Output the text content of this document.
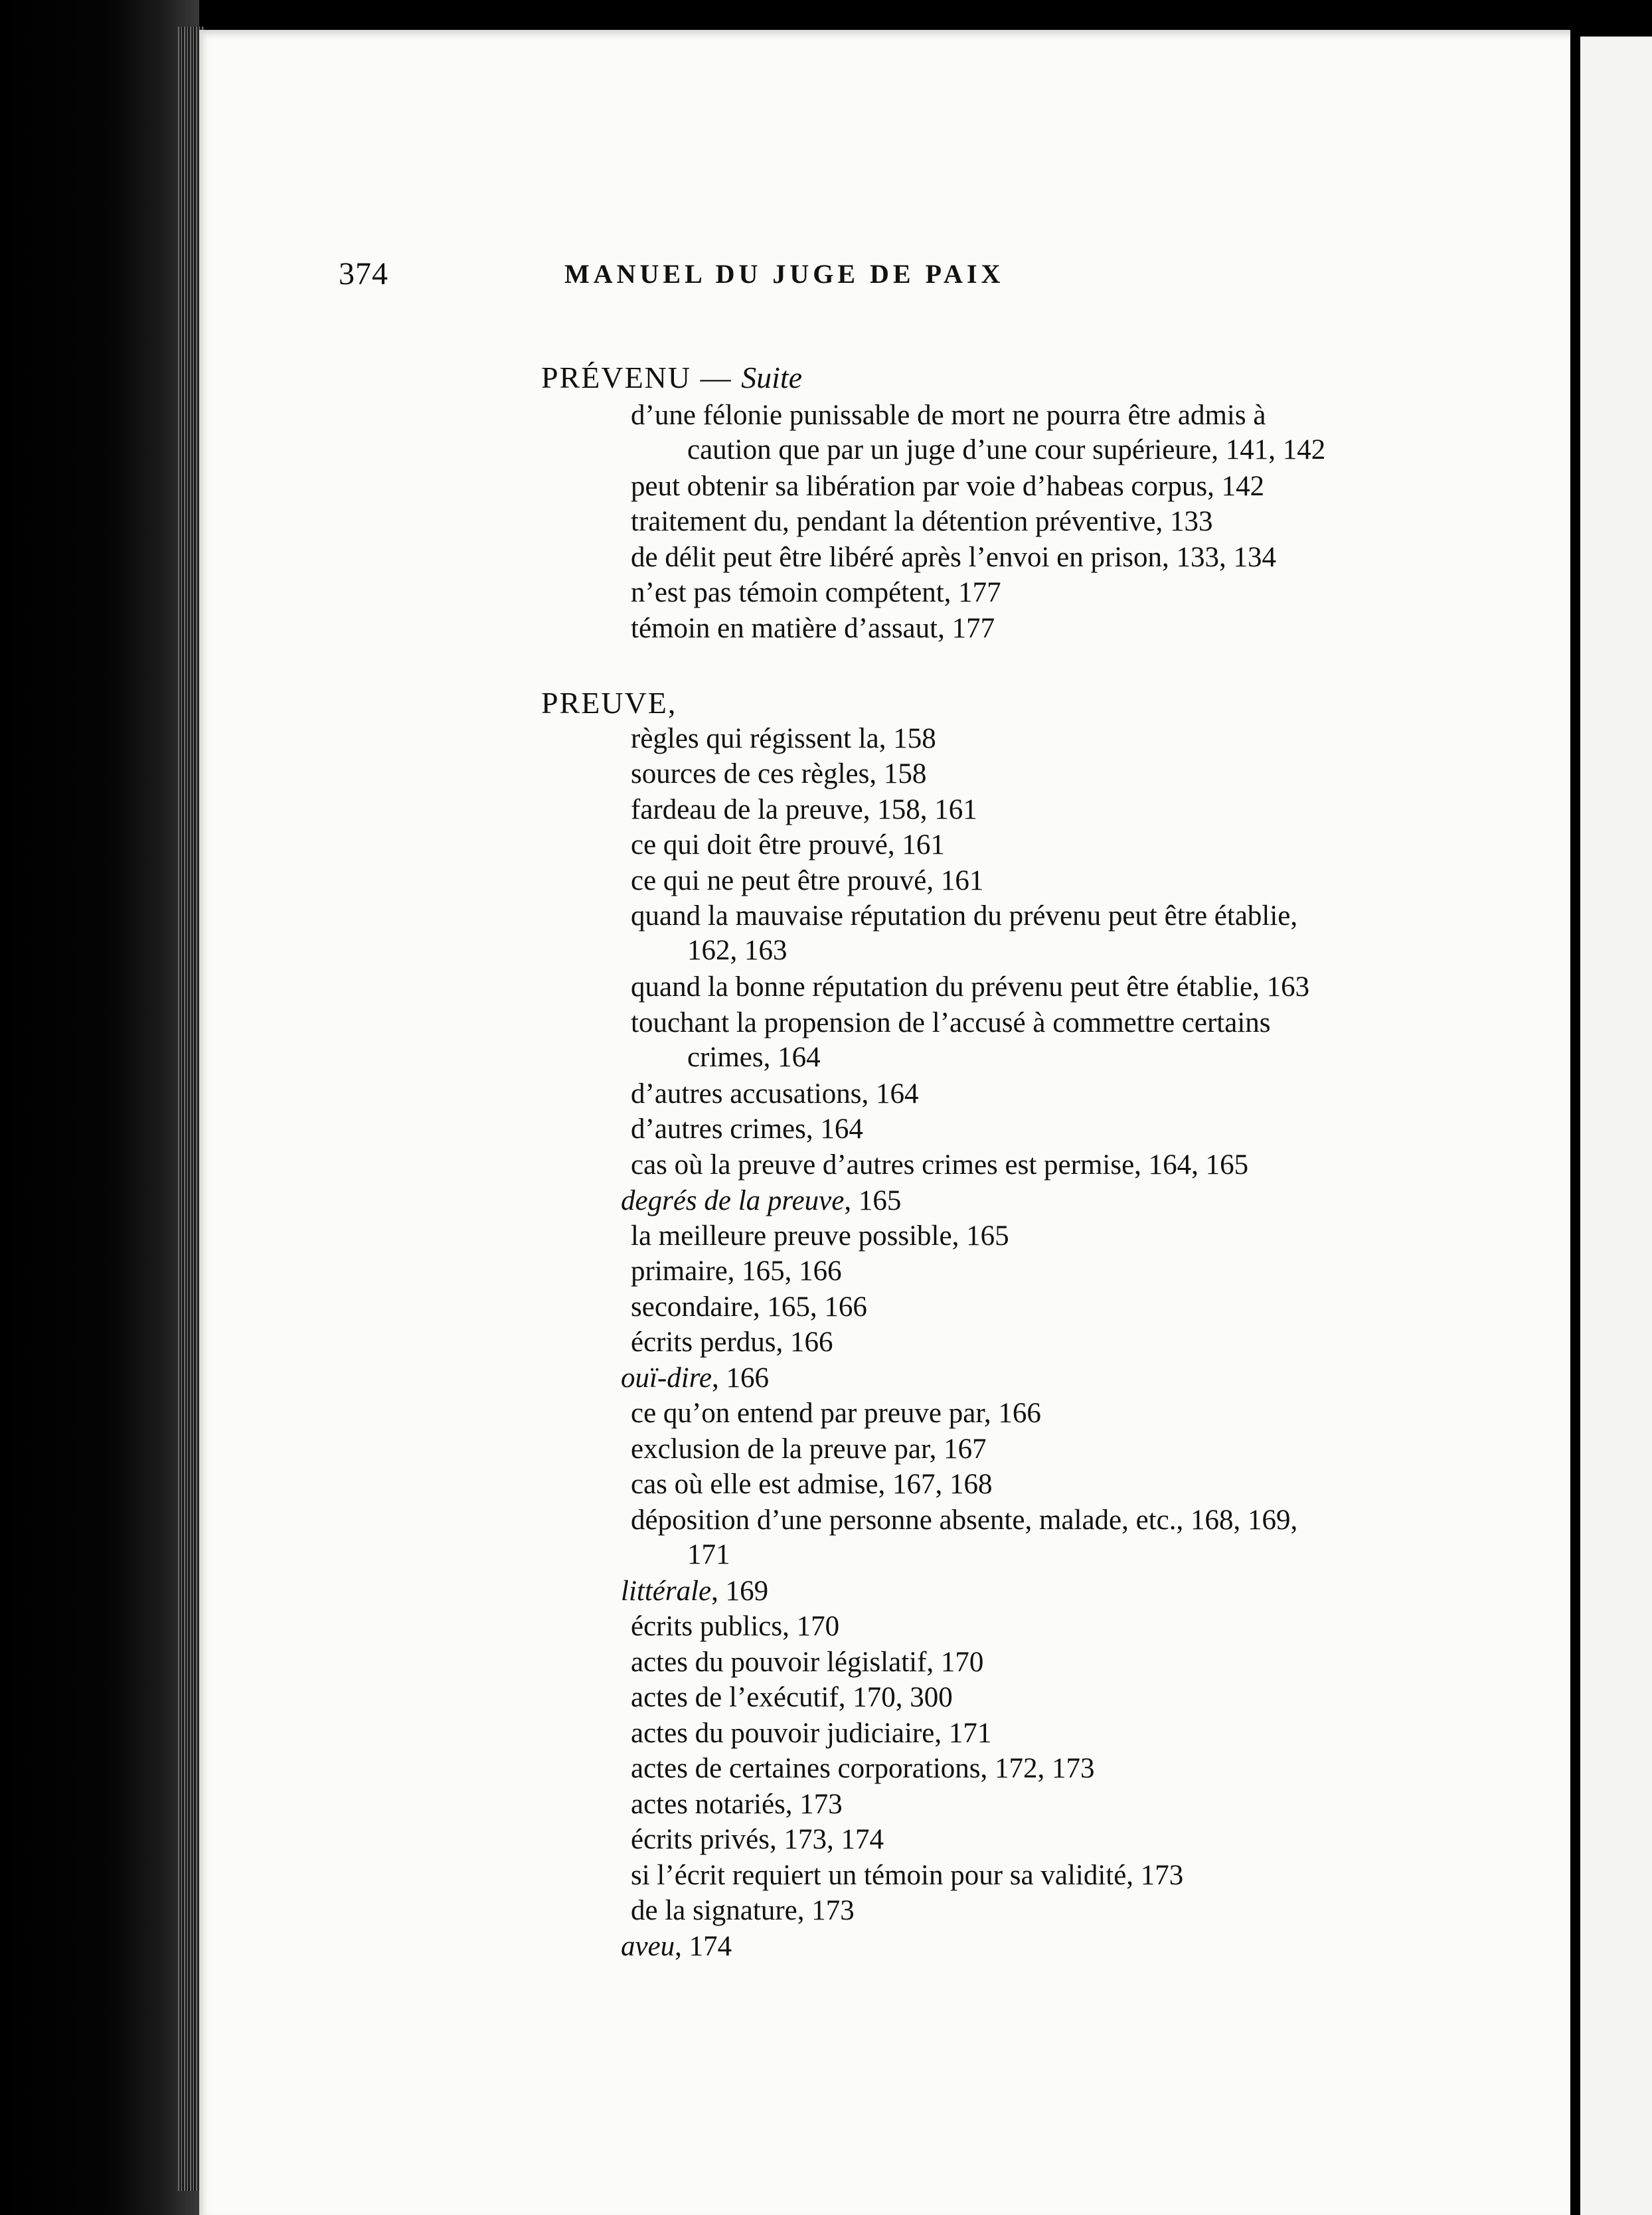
374	MANUEL DU JUGE DE PAIX
PRÉVENU — Suite
d’une félonie punissable de mort ne pourra être admis à
caution que par un juge d’une cour supérieure, 141, 142
peut obtenir sa libération par voie d’habeas corpus, 142
traitement du, pendant la détention préventive, 133
de délit peut être libéré après l’envoi en prison, 133, 134
n’est pas témoin compétent, 177
témoin en matière d’assaut, 177
PREUVE,
règles qui régissent la, 158
sources de ces règles, 158
fardeau de la preuve, 158, 161
ce qui doit être prouvé, 161
ce qui ne peut être prouvé, 161
quand la mauvaise réputation du prévenu peut être établie,
162, 163
quand la bonne réputation du prévenu peut être établie, 163
touchant la propension de l’accusé à commettre certains
crimes, 164
d’autres accusations, 164
d’autres crimes, 164
cas où la preuve d’autres crimes est permise, 164, 165
degrés de la preuve, 165
la meilleure preuve possible, 165
primaire, 165, 166
secondaire, 165, 166
écrits perdus, 166
ouï-dire, 166
ce qu’on entend par preuve par, 166
exclusion de la preuve par, 167
cas où elle est admise, 167, 168
déposition d’une personne absente, malade, etc., 168, 169,
171
littérale, 169
écrits publics, 170
actes du pouvoir législatif, 170
actes de l’exécutif, 170, 300
actes du pouvoir judiciaire, 171
actes de certaines corporations, 172, 173
actes notariés, 173
écrits privés, 173, 174
si l’écrit requiert un témoin pour sa validité, 173
de la signature, 173
aveu, 174
